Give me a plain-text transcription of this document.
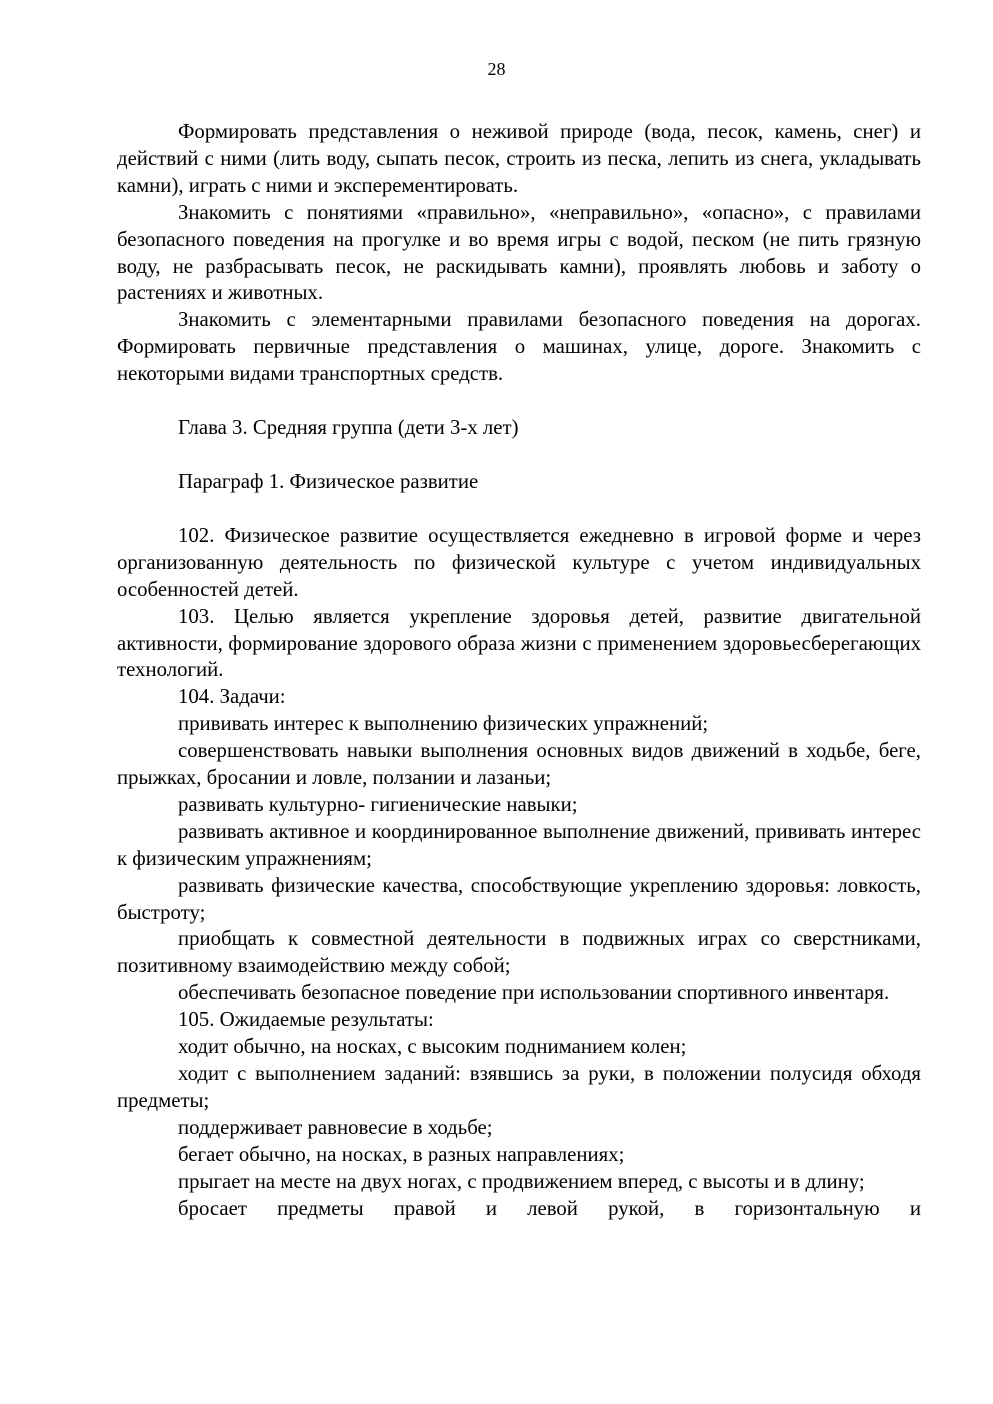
28

Формировать представления о неживой природе (вода, песок, камень, снег) и действий с ними (лить воду, сыпать песок, строить из песка, лепить из снега, укладывать камни), играть с ними и эксперементировать.

Знакомить с понятиями «правильно», «неправильно», «опасно», с правилами безопасного поведения на прогулке и во время игры с водой, песком (не пить грязную воду, не разбрасывать песок, не раскидывать камни), проявлять любовь и заботу о растениях и животных.

Знакомить с элементарными правилами безопасного поведения на дорогах. Формировать первичные представления о машинах, улице, дороге. Знакомить с некоторыми видами транспортных средств.

Глава 3. Средняя группа (дети 3-х лет)

Параграф 1. Физическое развитие

102. Физическое развитие осуществляется ежедневно в игровой форме и через организованную деятельность по физической культуре с учетом индивидуальных особенностей детей.

103. Целью является укрепление здоровья детей, развитие двигательной активности, формирование здорового образа жизни с применением здоровьесберегающих технологий.

104. Задачи:

прививать интерес к выполнению физических упражнений;

совершенствовать навыки выполнения основных видов движений в ходьбе, беге, прыжках, бросании и ловле, ползании и лазаньи;

развивать культурно- гигиенические навыки;

развивать активное и координированное выполнение движений, прививать интерес к физическим упражнениям;

развивать физические качества, способствующие укреплению здоровья: ловкость, быстроту;

приобщать к совместной деятельности в подвижных играх со сверстниками, позитивному взаимодействию между собой;

обеспечивать безопасное поведение при использовании спортивного инвентаря.

105. Ожидаемые результаты:

ходит обычно, на носках, с высоким подниманием колен;

ходит с выполнением заданий: взявшись за руки, в положении полусидя обходя предметы;

поддерживает равновесие в ходьбе;

бегает обычно, на носках, в разных направлениях;

прыгает на месте на двух ногах, с продвижением вперед, с высоты и в длину;

бросает предметы правой и левой рукой, в горизонтальную и
